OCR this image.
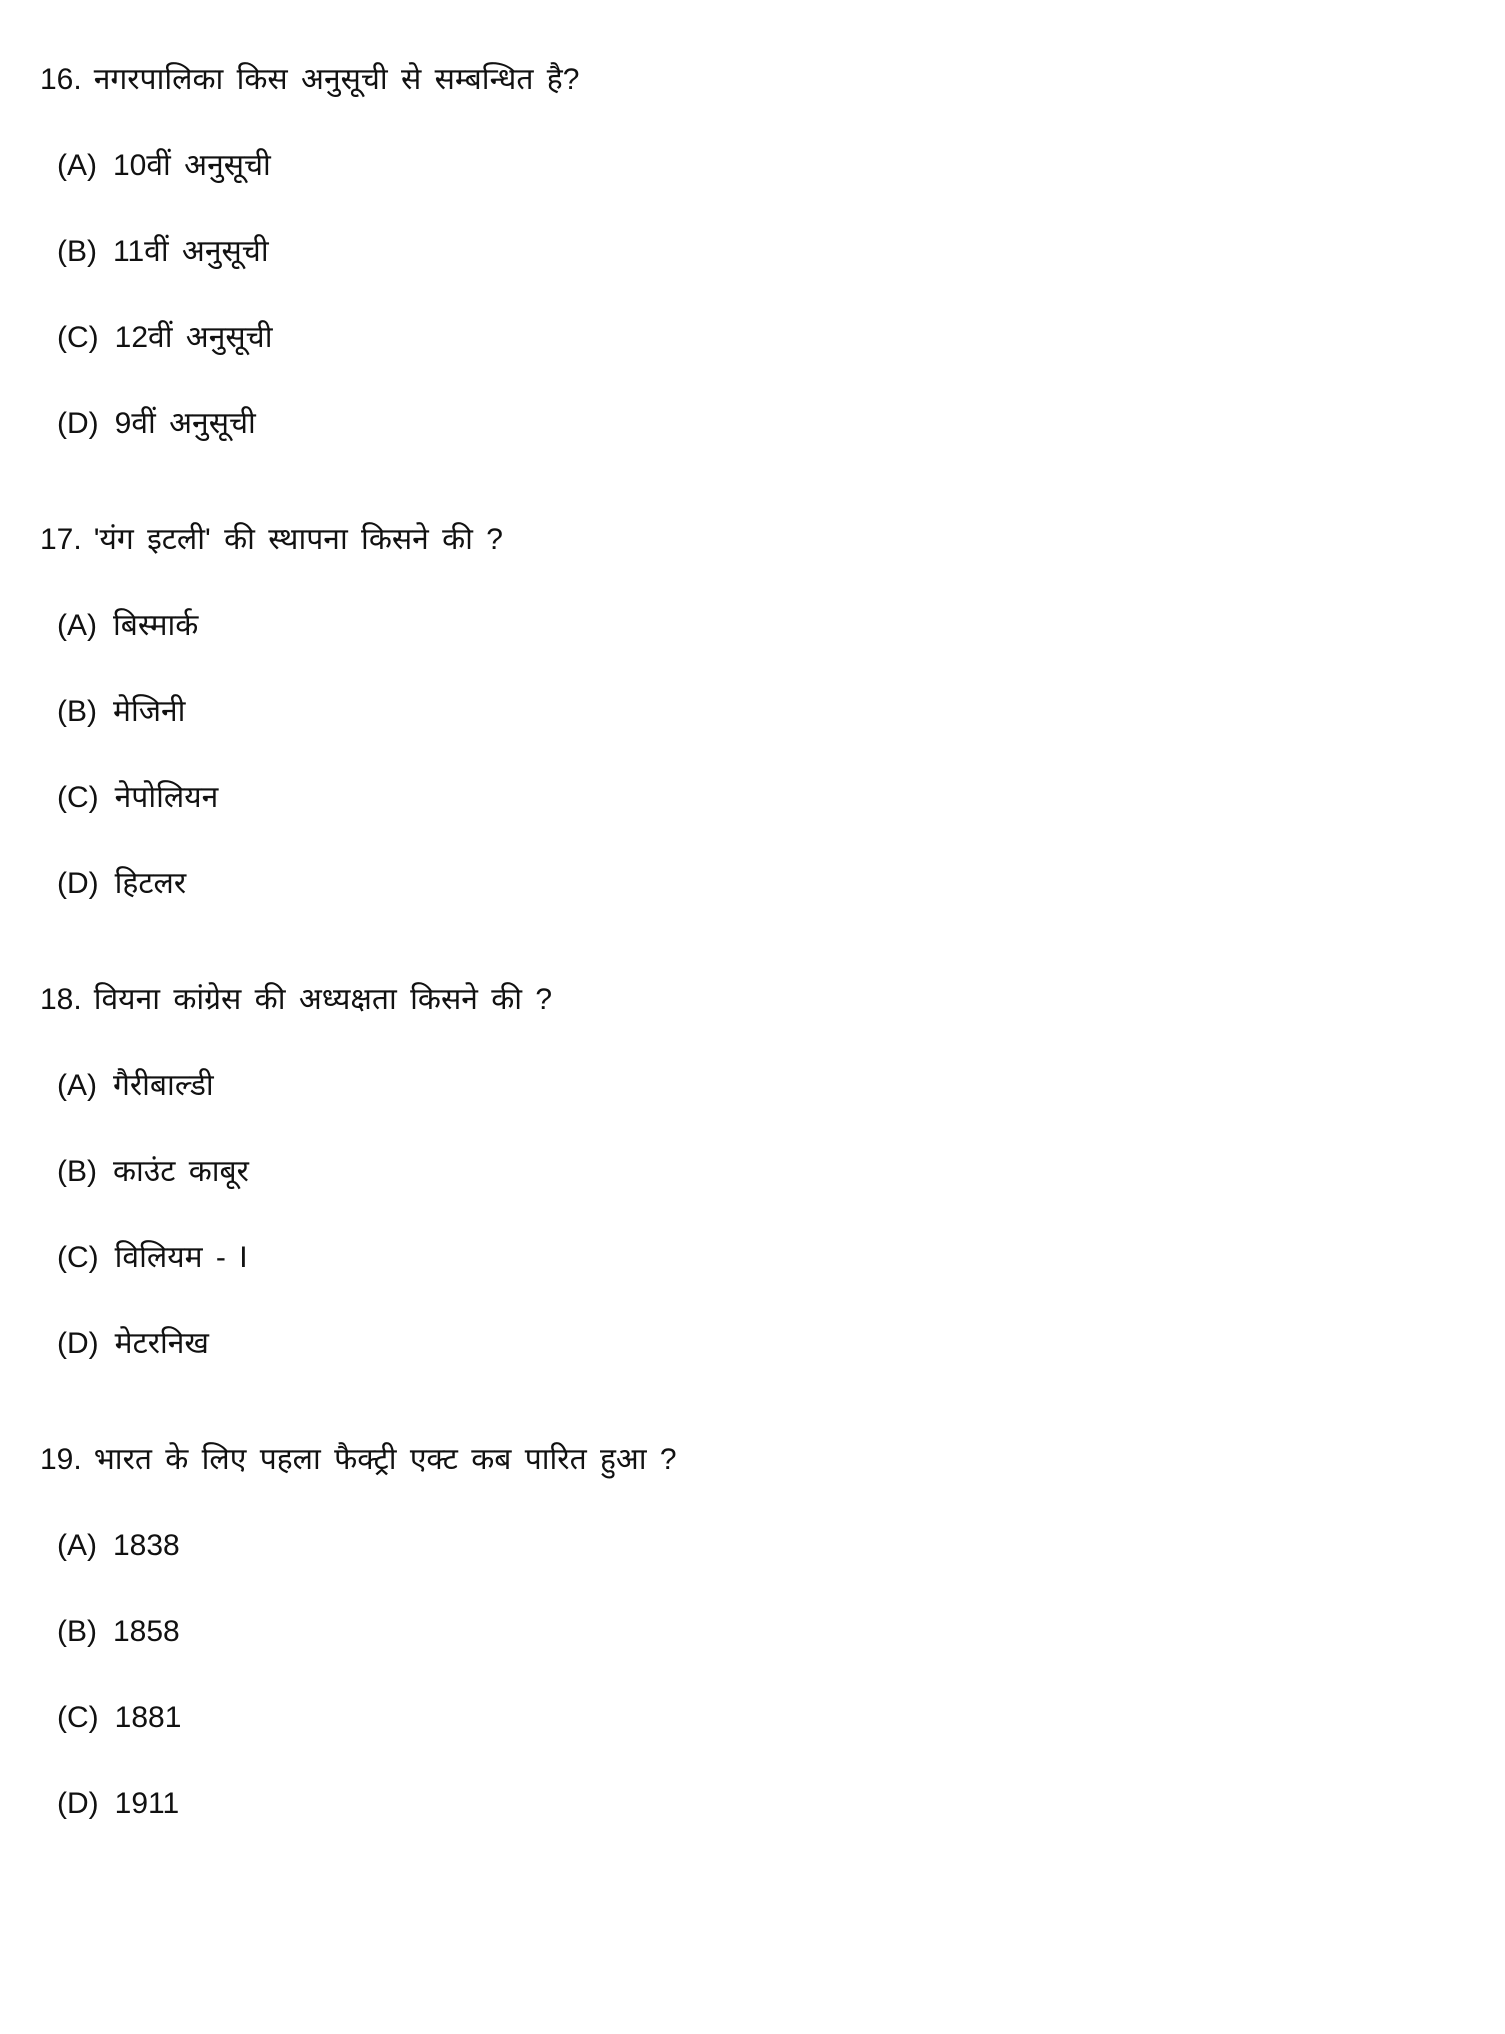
16. नगरपालिका किस अनुसूची से सम्बन्धित है?
(A) 10वीं अनुसूची
(B) 11वीं अनुसूची
(C) 12वीं अनुसूची
(D) 9वीं अनुसूची
17. 'यंग इटली' की स्थापना किसने की ?
(A) बिस्मार्क
(B) मेजिनी
(C) नेपोलियन
(D) हिटलर
18. वियना कांग्रेस की अध्यक्षता किसने की ?
(A) गैरीबाल्डी
(B) काउंट काबूर
(C) विलियम - I
(D) मेटरनिख
19. भारत के लिए पहला फैक्ट्री एक्ट कब पारित हुआ ?
(A) 1838
(B) 1858
(C) 1881
(D) 1911
